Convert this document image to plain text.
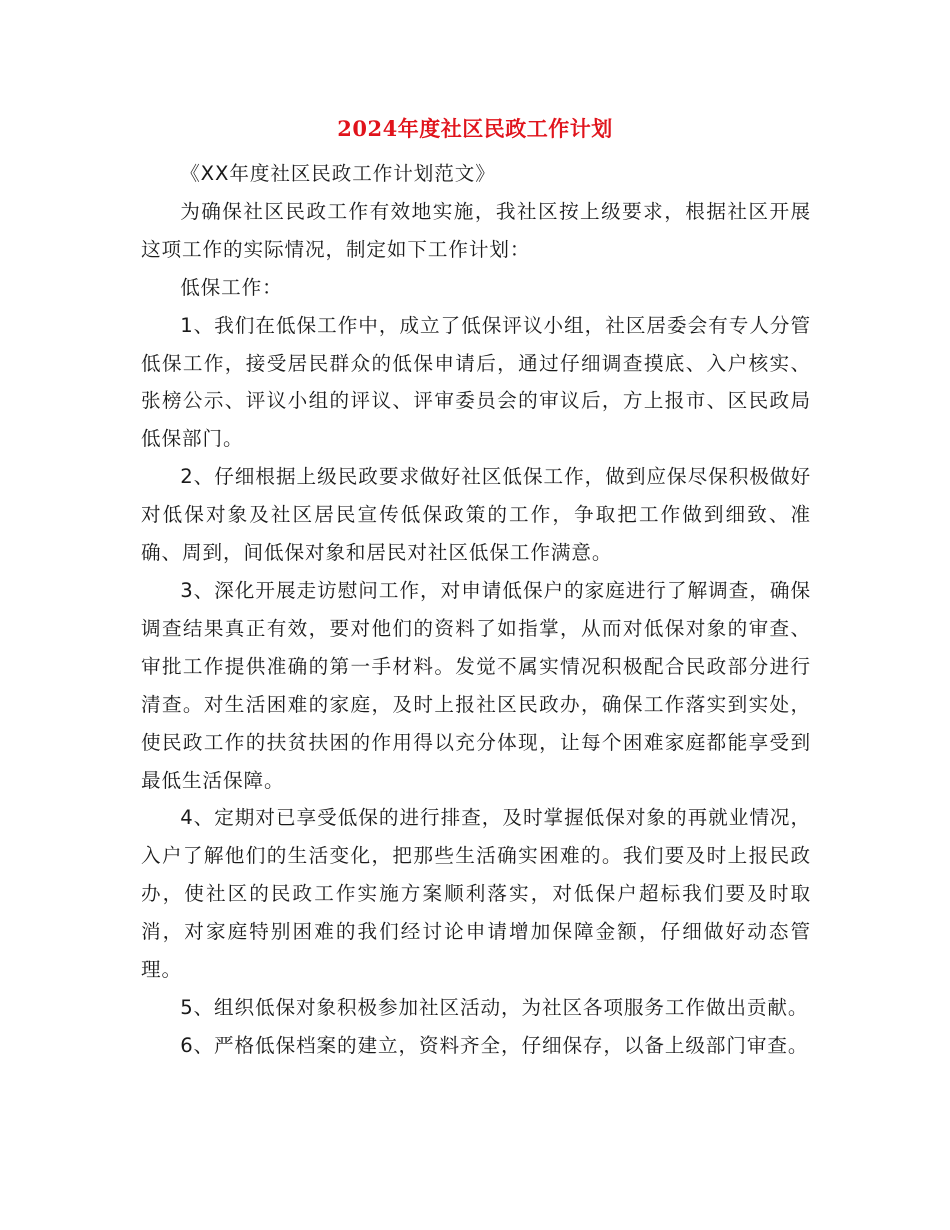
2024年度社区民政工作计划

《XX年度社区民政工作计划范文》

为确保社区民政工作有效地实施，我社区按上级要求，根据社区开展这项工作的实际情况，制定如下工作计划：

低保工作：

1、我们在低保工作中，成立了低保评议小组，社区居委会有专人分管低保工作，接受居民群众的低保申请后，通过仔细调查摸底、入户核实、张榜公示、评议小组的评议、评审委员会的审议后，方上报市、区民政局低保部门。

2、仔细根据上级民政要求做好社区低保工作，做到应保尽保积极做好对低保对象及社区居民宣传低保政策的工作，争取把工作做到细致、准确、周到，间低保对象和居民对社区低保工作满意。

3、深化开展走访慰问工作，对申请低保户的家庭进行了解调查，确保调查结果真正有效，要对他们的资料了如指掌，从而对低保对象的审查、审批工作提供准确的第一手材料。发觉不属实情况积极配合民政部分进行清查。对生活困难的家庭，及时上报社区民政办，确保工作落实到实处，使民政工作的扶贫扶困的作用得以充分体现，让每个困难家庭都能享受到最低生活保障。

4、定期对已享受低保的进行排查，及时掌握低保对象的再就业情况，入户了解他们的生活变化，把那些生活确实困难的。我们要及时上报民政办，使社区的民政工作实施方案顺利落实，对低保户超标我们要及时取消，对家庭特别困难的我们经讨论申请增加保障金额，仔细做好动态管理。

5、组织低保对象积极参加社区活动，为社区各项服务工作做出贡献。

6、严格低保档案的建立，资料齐全，仔细保存，以备上级部门审查。
